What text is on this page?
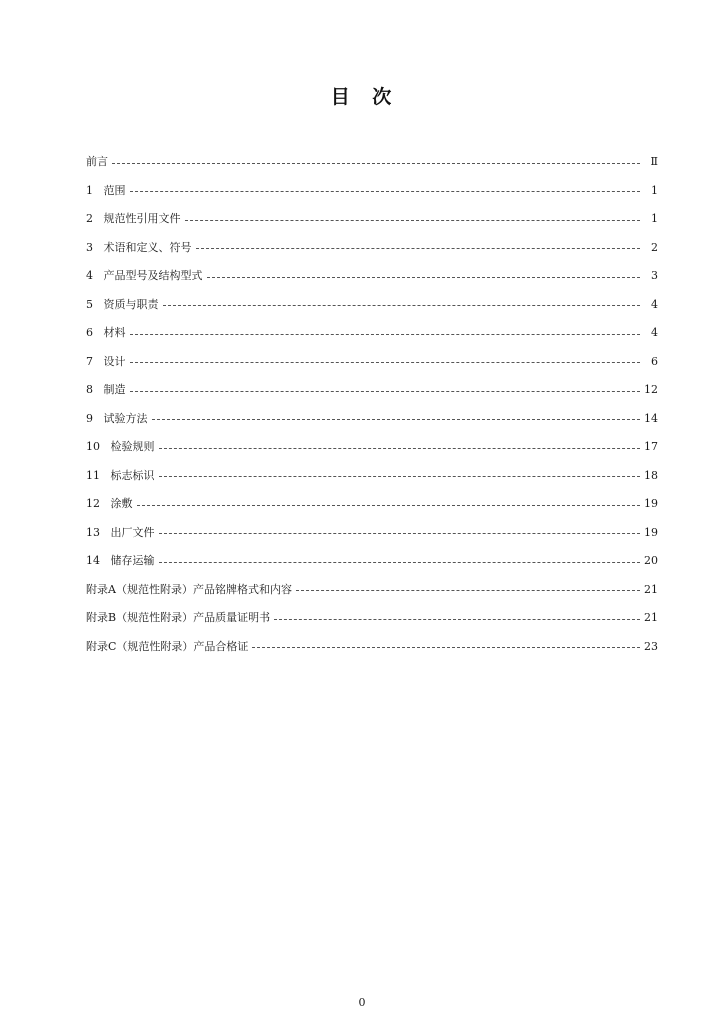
目 次
前言	Ⅱ
1 范围	1
2 规范性引用文件	1
3 术语和定义、符号	2
4 产品型号及结构型式	3
5 资质与职责	4
6 材料	4
7 设计	6
8 制造	12
9 试验方法	14
10 检验规则	17
11 标志标识	18
12 涂敷	19
13 出厂文件	19
14 储存运输	20
附录A（规范性附录）产品铭牌格式和内容	21
附录B（规范性附录）产品质量证明书	21
附录C（规范性附录）产品合格证	23
0
